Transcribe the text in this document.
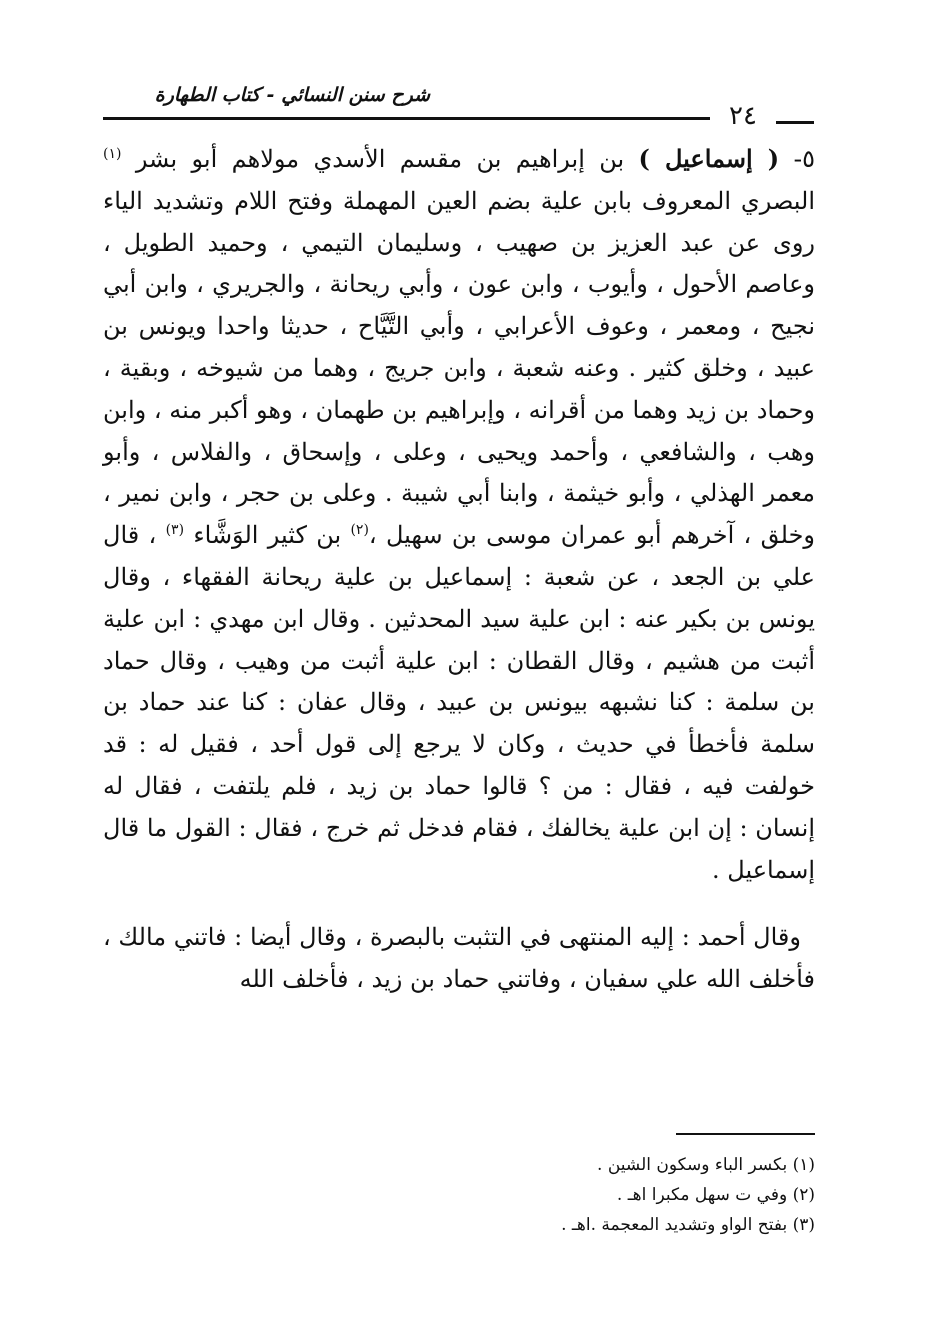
شرح سنن النسائي - كتاب الطهارة
٢٤

٥- ( إسماعيل ) بن إبراهيم بن مقسم الأسدي مولاهم أبو بشر $^{(١)}$ البصري المعروف بابن علية بضم العين المهملة وفتح اللام وتشديد الياء روى عن عبد العزيز بن صهيب ، وسليمان التيمي ، وحميد الطويل ، وعاصم الأحول ، وأيوب ، وابن عون ، وأبي ريحانة ، والجريري ، وابن أبي نجيح ، ومعمر ، وعوف الأعرابي ، وأبي التَّيَّاح ، حديثا واحدا ويونس بن عبيد ، وخلق كثير . وعنه شعبة ، وابن جريج ، وهما من شيوخه ، وبقية ، وحماد بن زيد وهما من أقرانه ، وإبراهيم بن طهمان ، وهو أكبر منه ، وابن وهب ، والشافعي ، وأحمد ويحيى ، وعلى ، وإسحاق ، والفلاس ، وأبو معمر الهذلي ، وأبو خيثمة ، وابنا أبي شيبة . وعلى بن حجر ، وابن نمير ، وخلق ، آخرهم أبو عمران موسى بن سهيل ،$^{(٢)}$ بن كثير الوَشَّاء $^{(٣)}$ ، قال علي بن الجعد ، عن شعبة : إسماعيل بن علية ريحانة الفقهاء ، وقال يونس بن بكير عنه : ابن علية سيد المحدثين . وقال ابن مهدي : ابن علية أثبت من هشيم ، وقال القطان : ابن علية أثبت من وهيب ، وقال حماد بن سلمة : كنا نشبهه بيونس بن عبيد ، وقال عفان : كنا عند حماد بن سلمة فأخطأ في حديث ، وكان لا يرجع إلى قول أحد ، فقيل له : قد خولفت فيه ، فقال : من ؟ قالوا حماد بن زيد ، فلم يلتفت ، فقال له إنسان : إن ابن علية يخالفك ، فقام فدخل ثم خرج ، فقال : القول ما قال إسماعيل .

وقال أحمد : إليه المنتهى في التثبت بالبصرة ، وقال أيضا : فاتني مالك ، فأخلف الله علي سفيان ، وفاتني حماد بن زيد ، فأخلف الله

(١) بكسر الباء وسكون الشين .

(٢) وفي ت سهل مكبرا اهـ .

(٣) بفتح الواو وتشديد المعجمة .اهـ .
